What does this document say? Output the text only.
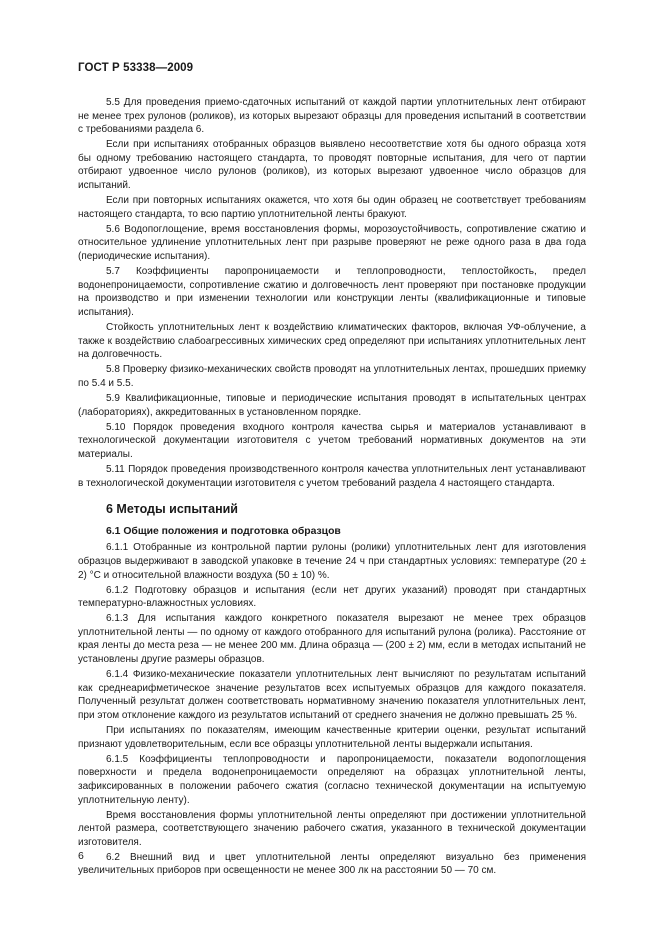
ГОСТ Р 53338—2009

5.5 Для проведения приемо-сдаточных испытаний от каждой партии уплотнительных лент отбирают не менее трех рулонов (роликов), из которых вырезают образцы для проведения испытаний в соответствии с требованиями раздела 6.

Если при испытаниях отобранных образцов выявлено несоответствие хотя бы одного образца хотя бы одному требованию настоящего стандарта, то проводят повторные испытания, для чего от партии отбирают удвоенное число рулонов (роликов), из которых вырезают удвоенное число образцов для испытаний.

Если при повторных испытаниях окажется, что хотя бы один образец не соответствует требованиям настоящего стандарта, то всю партию уплотнительной ленты бракуют.

5.6 Водопоглощение, время восстановления формы, морозоустойчивость, сопротивление сжатию и относительное удлинение уплотнительных лент при разрыве проверяют не реже одного раза в два года (периодические испытания).

5.7 Коэффициенты паропроницаемости и теплопроводности, теплостойкость, предел водонепроницаемости, сопротивление сжатию и долговечность лент проверяют при постановке продукции на производство и при изменении технологии или конструкции ленты (квалификационные и типовые испытания).

Стойкость уплотнительных лент к воздействию климатических факторов, включая УФ-облучение, а также к воздействию слабоагрессивных химических сред определяют при испытаниях уплотнительных лент на долговечность.

5.8 Проверку физико-механических свойств проводят на уплотнительных лентах, прошедших приемку по 5.4 и 5.5.

5.9 Квалификационные, типовые и периодические испытания проводят в испытательных центрах (лабораториях), аккредитованных в установленном порядке.

5.10 Порядок проведения входного контроля качества сырья и материалов устанавливают в технологической документации изготовителя с учетом требований нормативных документов на эти материалы.

5.11 Порядок проведения производственного контроля качества уплотнительных лент устанавливают в технологической документации изготовителя с учетом требований раздела 4 настоящего стандарта.

6 Методы испытаний
6.1 Общие положения и подготовка образцов

6.1.1 Отобранные из контрольной партии рулоны (ролики) уплотнительных лент для изготовления образцов выдерживают в заводской упаковке в течение 24 ч при стандартных условиях: температуре (20 ± 2) °С и относительной влажности воздуха (50 ± 10) %.

6.1.2 Подготовку образцов и испытания (если нет других указаний) проводят при стандартных температурно-влажностных условиях.

6.1.3 Для испытания каждого конкретного показателя вырезают не менее трех образцов уплотнительной ленты — по одному от каждого отобранного для испытаний рулона (ролика). Расстояние от края ленты до места реза — не менее 200 мм. Длина образца — (200 ± 2) мм, если в методах испытаний не установлены другие размеры образцов.

6.1.4 Физико-механические показатели уплотнительных лент вычисляют по результатам испытаний как среднеарифметическое значение результатов всех испытуемых образцов для каждого показателя. Полученный результат должен соответствовать нормативному значению показателя уплотнительных лент, при этом отклонение каждого из результатов испытаний от среднего значения не должно превышать 25 %.

При испытаниях по показателям, имеющим качественные критерии оценки, результат испытаний признают удовлетворительным, если все образцы уплотнительной ленты выдержали испытания.

6.1.5 Коэффициенты теплопроводности и паропроницаемости, показатели водопоглощения поверхности и предела водонепроницаемости определяют на образцах уплотнительной ленты, зафиксированных в положении рабочего сжатия (согласно технической документации на испытуемую уплотнительную ленту).

Время восстановления формы уплотнительной ленты определяют при достижении уплотнительной лентой размера, соответствующего значению рабочего сжатия, указанного в технической документации изготовителя.

6.2 Внешний вид и цвет уплотнительной ленты определяют визуально без применения увеличительных приборов при освещенности не менее 300 лк на расстоянии 50 — 70 см.

6
